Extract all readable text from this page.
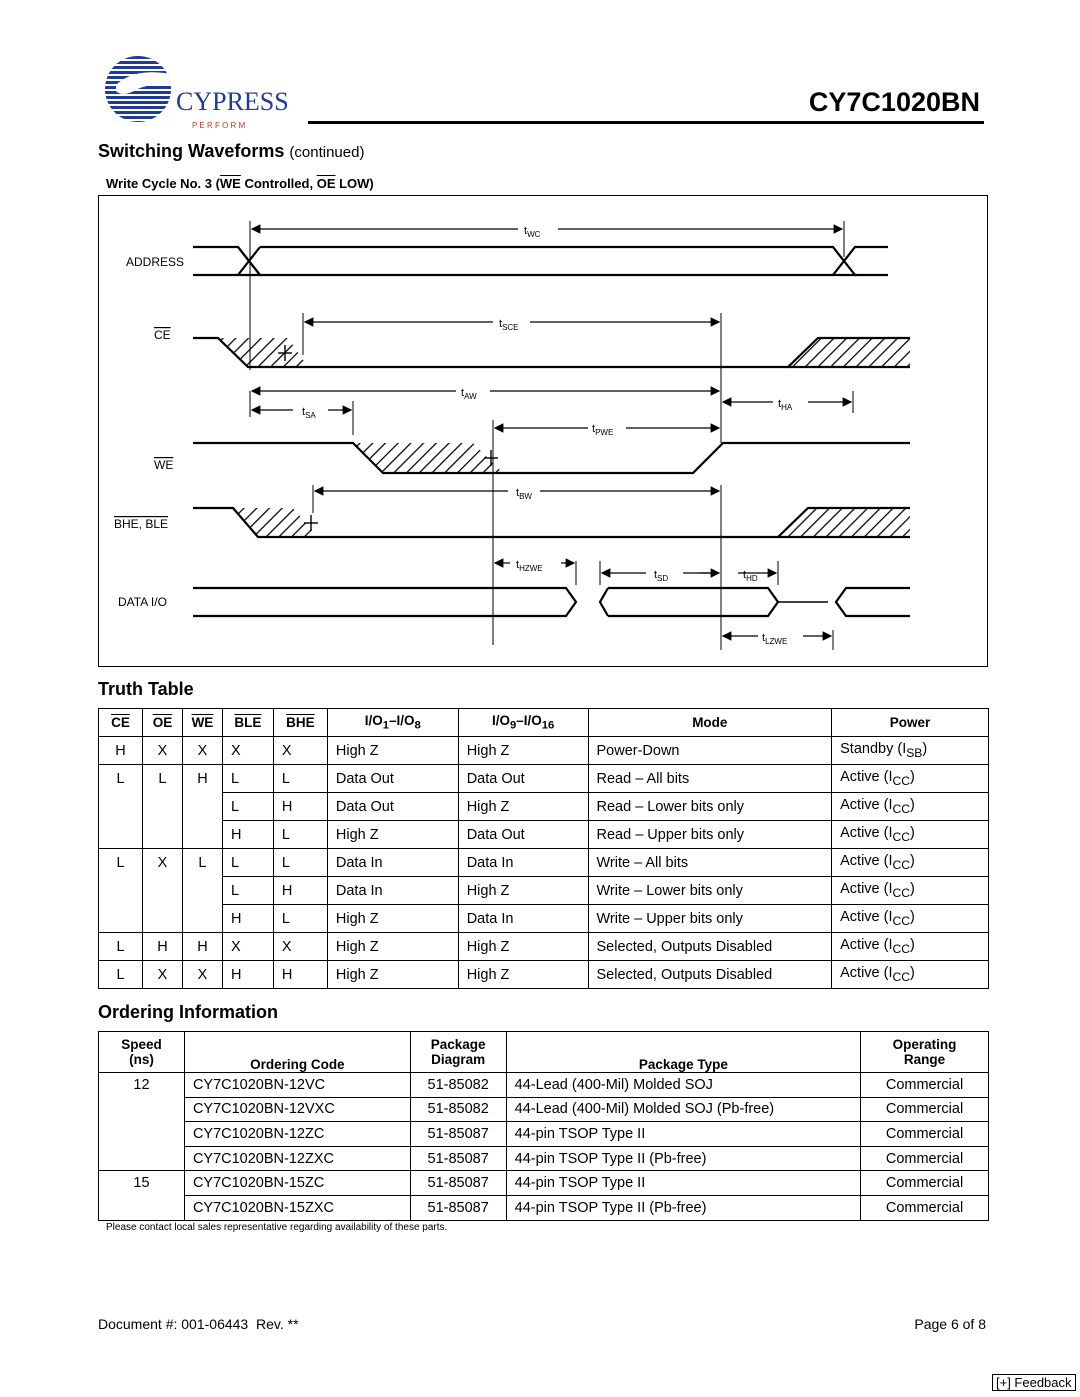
CYPRESS
P E R F O R M
CY7C1020BN
Switching Waveforms (continued)
Write Cycle No. 3 ($\overline{WE}$ Controlled, $\overline{OE}$ LOW)
ADDRESS
CE
WE
BHE, BLE
DATA I/O
$t_{WC}$
$t_{SCE}$
$t_{AW}$
$t_{HA}$
$t_{SA}$
$t_{PWE}$
$t_{BW}$
$t_{HZWE}$
$t_{SD}$	$t_{HD}$
$t_{LZWE}$
Truth Table
$\overline{CE}$	$\overline{OE}$	$\overline{WE}$	$\overline{BLE}$	$\overline{BHE}$	$I/O_1-I/O_8$	$I/O_9-I/O_{16}$	Mode	Power
H	X	X	X	X	High Z	High Z	Power-Down	Standby $(I_{SB})$
L	L	H	L	L	Data Out	Data Out	Read – All bits	Active $(I_{CC})$
			L	H	Data Out	High Z	Read – Lower bits only	Active $(I_{CC})$
			H	L	High Z	Data Out	Read – Upper bits only	Active $(I_{CC})$
L	X	L	L	L	Data In	Data In	Write – All bits	Active $(I_{CC})$
			L	H	Data In	High Z	Write – Lower bits only	Active $(I_{CC})$
			H	L	High Z	Data In	Write – Upper bits only	Active $(I_{CC})$
L	H	H	X	X	High Z	High Z	Selected, Outputs Disabled	Active $(I_{CC})$
L	X	X	H	H	High Z	High Z	Selected, Outputs Disabled	Active $(I_{CC})$
Ordering Information
Speed
(ns)	Ordering Code	Package
Diagram	Package Type	Operating
Range
12	CY7C1020BN-12VC	51-85082	44-Lead (400-Mil) Molded SOJ	Commercial
	CY7C1020BN-12VXC	51-85082	44-Lead (400-Mil) Molded SOJ (Pb-free)	Commercial
	CY7C1020BN-12ZC	51-85087	44-pin TSOP Type II	Commercial
	CY7C1020BN-12ZXC	51-85087	44-pin TSOP Type II (Pb-free)	Commercial
15	CY7C1020BN-15ZC	51-85087	44-pin TSOP Type II	Commercial
	CY7C1020BN-15ZXC	51-85087	44-pin TSOP Type II (Pb-free)	Commercial
Please contact local sales representative regarding availability of these parts.
Document #: 001-06443  Rev. **	Page 6 of 8
[+] Feedback
